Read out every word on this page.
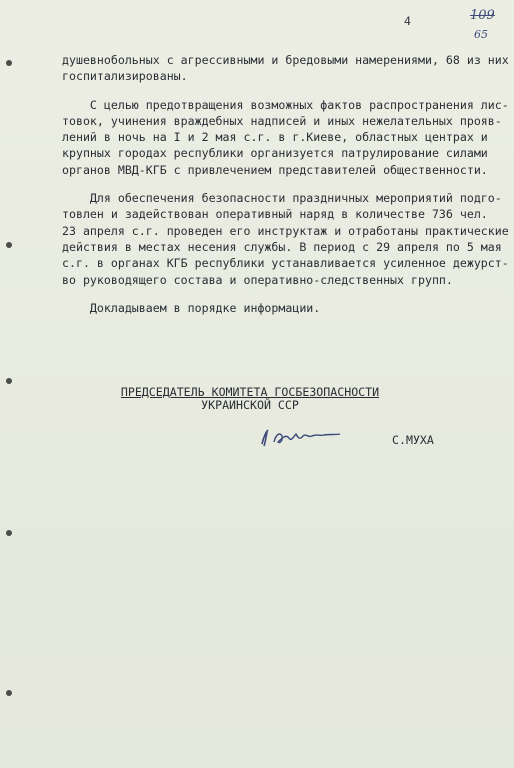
4	109
65
душевнобольных с агрессивными и бредовыми намерениями, 68 из них
госпитализированы.
С целью предотвращения возможных фактов распространения лис-
товок, учинения враждебных надписей и иных нежелательных прояв-
лений в ночь на I и 2 мая с.г. в г.Киеве, областных центрах и
крупных городах республики организуется патрулирование силами
органов МВД-КГБ с привлечением представителей общественности.
Для обеспечения безопасности праздничных мероприятий подго-
товлен и задействован оперативный наряд в количестве 736 чел.
23 апреля с.г. проведен его инструктаж и отработаны практические
действия в местах несения службы. В период с 29 апреля по 5 мая
с.г. в органах КГБ республики устанавливается усиленное дежурст-
во руководящего состава и оперативно-следственных групп.
Докладываем в порядке информации.
ПРЕДСЕДАТЕЛЬ КОМИТЕТА ГОСБЕЗОПАСНОСТИ
УКРАИНСКОЙ ССР
С.МУХА
